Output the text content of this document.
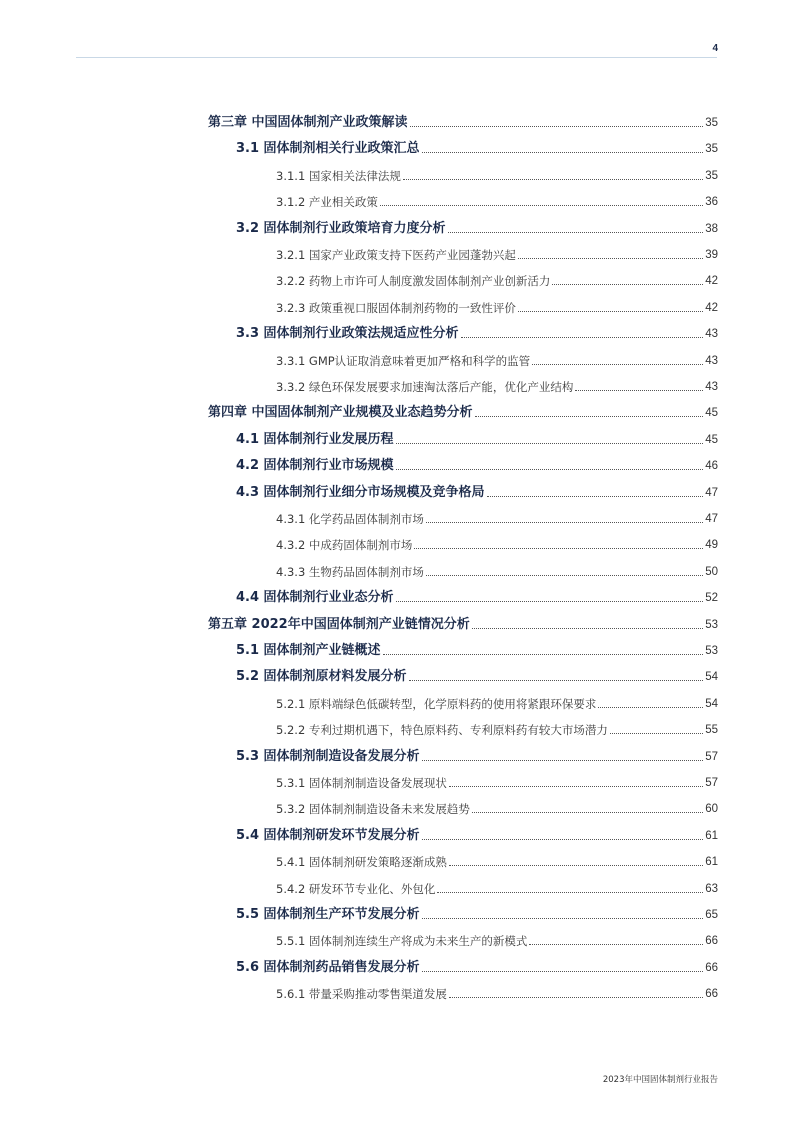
4
第三章 中国固体制剂产业政策解读	35
3.1 固体制剂相关行业政策汇总	35
3.1.1 国家相关法律法规	35
3.1.2 产业相关政策	36
3.2 固体制剂行业政策培育力度分析	38
3.2.1 国家产业政策支持下医药产业园蓬勃兴起	39
3.2.2 药物上市许可人制度激发固体制剂产业创新活力	42
3.2.3 政策重视口服固体制剂药物的一致性评价	42
3.3 固体制剂行业政策法规适应性分析	43
3.3.1 GMP认证取消意味着更加严格和科学的监管	43
3.3.2 绿色环保发展要求加速淘汰落后产能，优化产业结构	43
第四章 中国固体制剂产业规模及业态趋势分析	45
4.1 固体制剂行业发展历程	45
4.2 固体制剂行业市场规模	46
4.3 固体制剂行业细分市场规模及竞争格局	47
4.3.1 化学药品固体制剂市场	47
4.3.2 中成药固体制剂市场	49
4.3.3 生物药品固体制剂市场	50
4.4 固体制剂行业业态分析	52
第五章 2022年中国固体制剂产业链情况分析	53
5.1 固体制剂产业链概述	53
5.2 固体制剂原材料发展分析	54
5.2.1 原料端绿色低碳转型，化学原料药的使用将紧跟环保要求	54
5.2.2 专利过期机遇下，特色原料药、专利原料药有较大市场潜力	55
5.3 固体制剂制造设备发展分析	57
5.3.1 固体制剂制造设备发展现状	57
5.3.2 固体制剂制造设备未来发展趋势	60
5.4 固体制剂研发环节发展分析	61
5.4.1 固体制剂研发策略逐渐成熟	61
5.4.2 研发环节专业化、外包化	63
5.5 固体制剂生产环节发展分析	65
5.5.1 固体制剂连续生产将成为未来生产的新模式	66
5.6 固体制剂药品销售发展分析	66
5.6.1 带量采购推动零售渠道发展	66
2023年中国固体制剂行业报告
